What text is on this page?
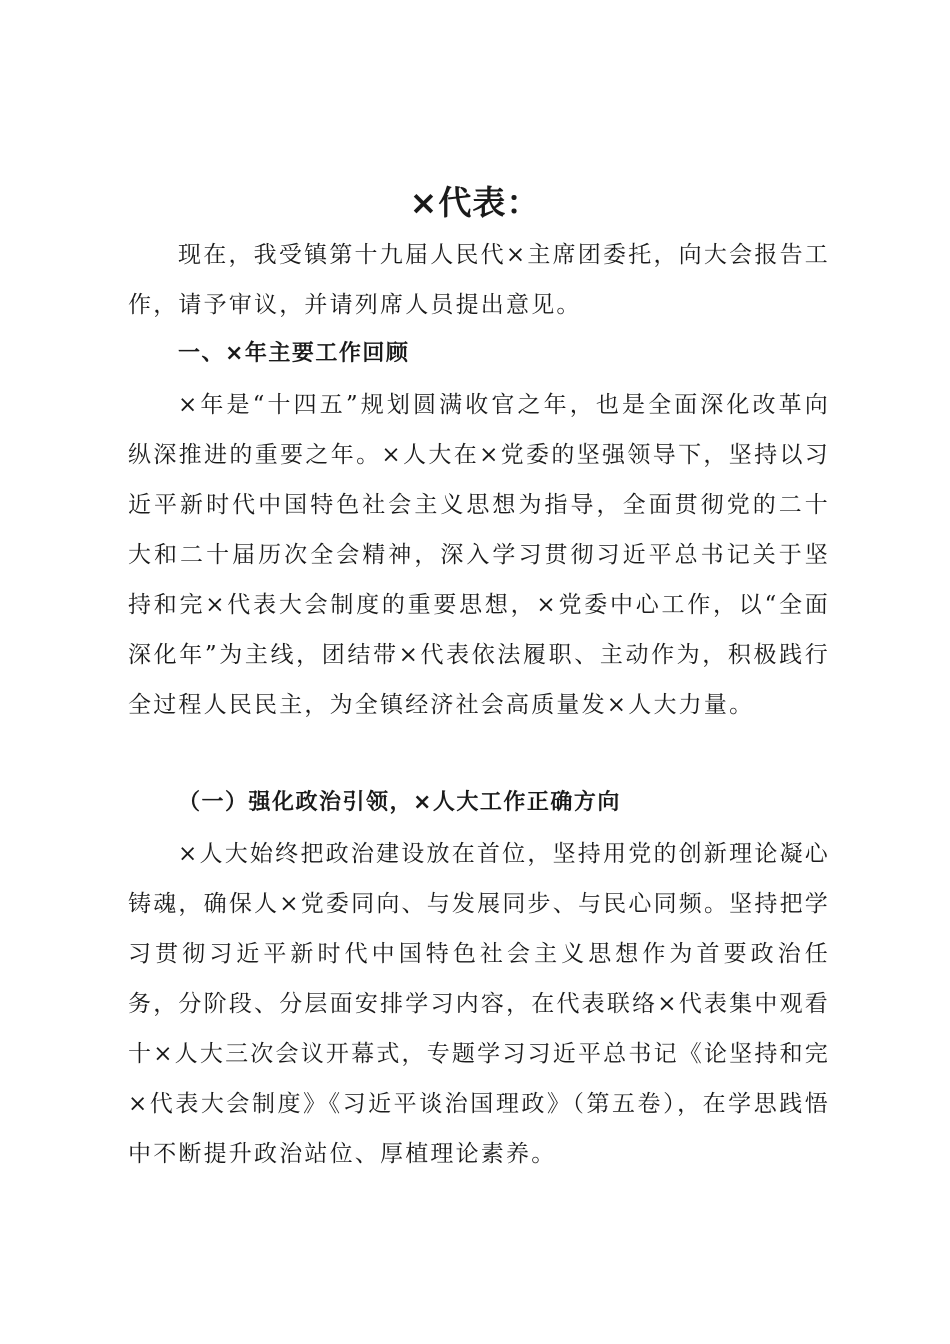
×代表：

现在，我受镇第十九届人民代×主席团委托，向大会报告工作，请予审议，并请列席人员提出意见。

一、×年主要工作回顾

×年是“十四五”规划圆满收官之年，也是全面深化改革向纵深推进的重要之年。×人大在×党委的坚强领导下，坚持以习近平新时代中国特色社会主义思想为指导，全面贯彻党的二十大和二十届历次全会精神，深入学习贯彻习近平总书记关于坚持和完×代表大会制度的重要思想，×党委中心工作，以“全面深化年”为主线，团结带×代表依法履职、主动作为，积极践行全过程人民民主，为全镇经济社会高质量发×人大力量。

（一）强化政治引领，×人大工作正确方向

×人大始终把政治建设放在首位，坚持用党的创新理论凝心铸魂，确保人×党委同向、与发展同步、与民心同频。坚持把学习贯彻习近平新时代中国特色社会主义思想作为首要政治任务，分阶段、分层面安排学习内容，在代表联络×代表集中观看十×人大三次会议开幕式，专题学习习近平总书记《论坚持和完×代表大会制度》《习近平谈治国理政》（第五卷），在学思践悟中不断提升政治站位、厚植理论素养。
